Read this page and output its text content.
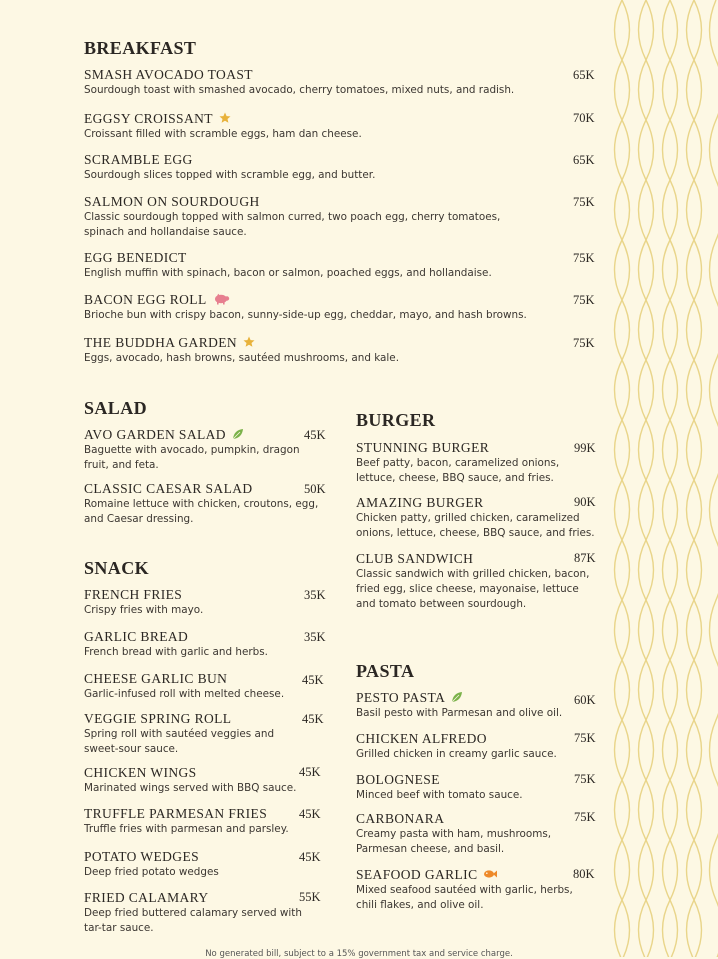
BREAKFAST
SMASH AVOCADO TOAST
Sourdough toast with smashed avocado, cherry tomatoes, mixed nuts, and radish.
65K
EGGSY CROISSANT
Croissant filled with scramble eggs, ham dan cheese.
70K
SCRAMBLE EGG
Sourdough slices topped with scramble egg, and butter.
65K
SALMON ON SOURDOUGH
Classic sourdough topped with salmon curred, two poach egg, cherry tomatoes,
spinach and hollandaise sauce.
75K
EGG BENEDICT
English muffin with spinach, bacon or salmon, poached eggs, and hollandaise.
75K
BACON EGG ROLL
Brioche bun with crispy bacon, sunny-side-up egg, cheddar, mayo, and hash browns.
75K
THE BUDDHA GARDEN
Eggs, avocado, hash browns, sautéed mushrooms, and kale.
75K
SALAD
AVO GARDEN SALAD
Baguette with avocado, pumpkin, dragon
fruit, and feta.
45K
CLASSIC CAESAR SALAD
Romaine lettuce with chicken, croutons, egg,
and Caesar dressing.
50K
SNACK
FRENCH FRIES
Crispy fries with mayo.
35K
GARLIC BREAD
French bread with garlic and herbs.
35K
CHEESE GARLIC BUN
Garlic-infused roll with melted cheese.
45K
VEGGIE SPRING ROLL
Spring roll with sautéed veggies and
sweet-sour sauce.
45K
CHICKEN WINGS
Marinated wings served with BBQ sauce.
45K
TRUFFLE PARMESAN FRIES
Truffle fries with parmesan and parsley.
45K
POTATO WEDGES
Deep fried potato wedges
45K
FRIED CALAMARY
Deep fried buttered calamary served with
tar-tar sauce.
55K
BURGER
STUNNING BURGER
Beef patty, bacon, caramelized onions,
lettuce, cheese, BBQ sauce, and fries.
99K
AMAZING BURGER
Chicken patty, grilled chicken, caramelized
onions, lettuce, cheese, BBQ sauce, and fries.
90K
CLUB SANDWICH
Classic sandwich with grilled chicken, bacon,
fried egg, slice cheese, mayonaise, lettuce
and tomato between sourdough.
87K
PASTA
PESTO PASTA
Basil pesto with Parmesan and olive oil.
60K
CHICKEN ALFREDO
Grilled chicken in creamy garlic sauce.
75K
BOLOGNESE
Minced beef with tomato sauce.
75K
CARBONARA
Creamy pasta with ham, mushrooms,
Parmesan cheese, and basil.
75K
SEAFOOD GARLIC
Mixed seafood sautéed with garlic, herbs,
chili flakes, and olive oil.
80K
No generated bill, subject to a 15% government tax and service charge.
